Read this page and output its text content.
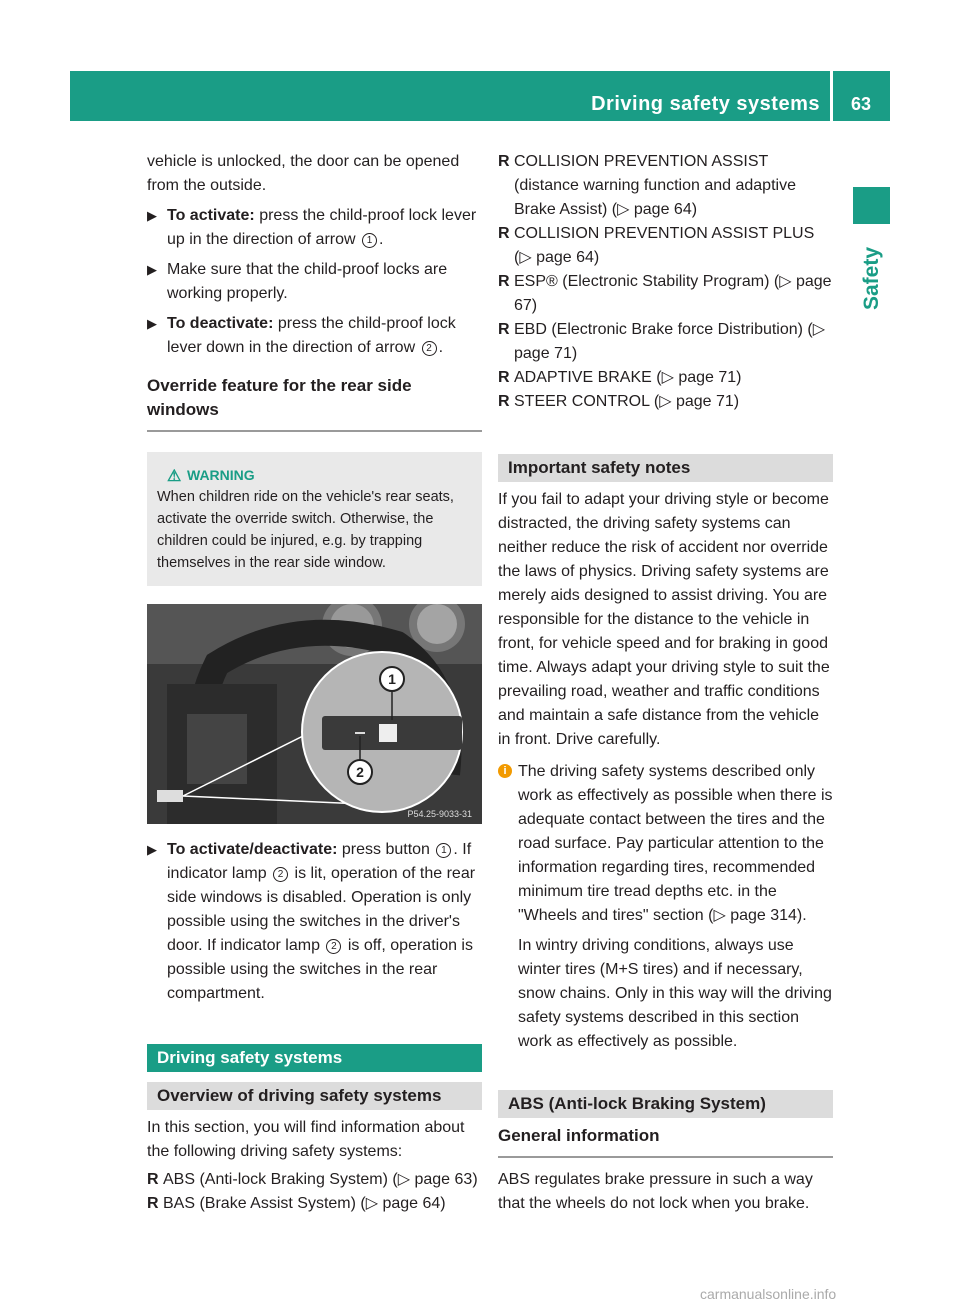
Driving safety systems	63
Safety

vehicle is unlocked, the door can be opened from the outside.

▶ To activate: press the child-proof lock lever up in the direction of arrow 1 .
▶ Make sure that the child-proof locks are working properly.
▶ To deactivate: press the child-proof lock lever down in the direction of arrow 2 .
Override feature for the rear side windows
⚠ WARNING

When children ride on the vehicle's rear seats, activate the override switch. Otherwise, the children could be injured, e.g. by trapping themselves in the rear side window.

1
2
P54.25-9033-31
▶ To activate/deactivate: press button 1 . If indicator lamp 2 is lit, operation of the rear side windows is disabled. Operation is only possible using the switches in the driver's door. If indicator lamp 2 is off, operation is possible using the switches in the rear compartment.
Driving safety systems
Overview of driving safety systems

In this section, you will find information about the following driving safety systems:

R ABS (Anti-lock Braking System) (▷ page 63)
R BAS (Brake Assist System) (▷ page 64)
R COLLISION PREVENTION ASSIST (distance warning function and adaptive Brake Assist) (▷ page 64)
R COLLISION PREVENTION ASSIST PLUS (▷ page 64)
R ESP® (Electronic Stability Program) (▷ page 67)
R EBD (Electronic Brake force Distribution) (▷ page 71)
R ADAPTIVE BRAKE (▷ page 71)
R STEER CONTROL (▷ page 71)
Important safety notes

If you fail to adapt your driving style or become distracted, the driving safety systems can neither reduce the risk of accident nor override the laws of physics. Driving safety systems are merely aids designed to assist driving. You are responsible for the distance to the vehicle in front, for vehicle speed and for braking in good time. Always adapt your driving style to suit the prevailing road, weather and traffic conditions and maintain a safe distance from the vehicle in front. Drive carefully.

i The driving safety systems described only work as effectively as possible when there is adequate contact between the tires and the road surface. Pay particular attention to the information regarding tires, recommended minimum tire tread depths etc. in the "Wheels and tires" section (▷ page 314).

In wintry driving conditions, always use winter tires (M+S tires) and if necessary, snow chains. Only in this way will the driving safety systems described in this section work as effectively as possible.

ABS (Anti-lock Braking System)
General information

ABS regulates brake pressure in such a way that the wheels do not lock when you brake.

carmanualsonline.info
